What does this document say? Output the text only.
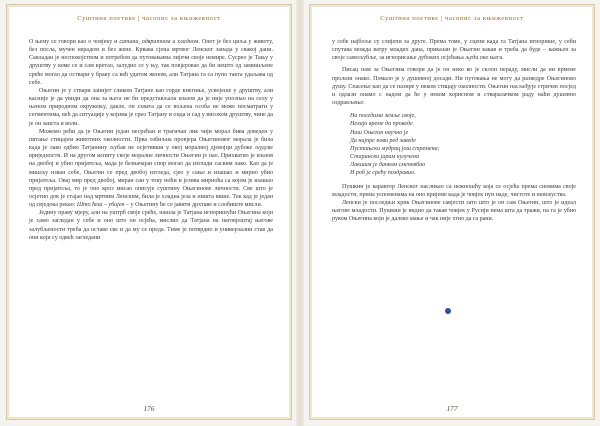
Суштина поетике | часопис за књижевност

О њему се говори као о човјеку и сатани, одвратном и хладном. Опет је без циља у животу, без посла, мучен нерадом и без жене. Крвава сјена мртвог Ленског запада у свакој дани. Савладан је неспокојством и потребом да путовањима лијечи своје немире. Сусрео је Тању у друштву у коме се и сам кретао, залудно се у њу, так повјеровао да би нешто од замишљене среће могао да оствари у браку са већ удатом женом, али Татјана га са пуно такта удаљава од себе.

Оњегин је у ствари занијет сликом Татјане као горде кнегиње, усвојеше у друштву, али касније је да увиди да она за њега не би представљала изазов да је није упознао на селу у њеном природном окружењу, дакле, он схвата да се вољена особа не може посматрати у сегментима, већ да ситуације у којима је срео Татјану и онда и сад у високом друштву, чине да је он заиста и воли.

Можемо рећи да је Оњегин један несрећан и трагичан лик чији морал бива доведен у питање стицајем животних околности. Прва озбиљна провјера Оњегиновог морала је била када је лако одбио Татјанину љубав не осјетивши у овој моралној дјевојци дубоке људске вриједности. И на другом испиту своје моралне личности Оњегин је пао. Прихватио је изазов на двобој и убио пријатеља, мада је безначајан спор могао да изглади сасвим лако. Као да је мишљу изван себе, Оњегин се пред двобој изгледа, сјео у сање и изашао и мирно убио пријатеља. Овај мир пред двобој, миран сан у току ноћи и језива мирноћа са којом је изашао пред пријатеља, то је оно кроз мисао описује суштину Оњегинове личности. Све што је осјетио док је стајао над мртвим Ленским, била је хладна језа и ништа више. Тек кад је један од свједока рекао: Што ћеш – убијен – у Оњегину ће се јавити дрхтаве и слобиште мисли.

Једину праву мјеру, али на уштрб своје среће, нашла је Татјана игноришући Оњегина који је само загледан у себе и оно што он осјећа, мислио да Татјана на наговјештај његове залубљености треба да оставе све и да му се преда. Тиме је потврдио и универзални став да они који су одвећ загледани

176
Суштина поетике | часопис за књижевност

у себе најбоље су слијепи за друге. Према томе, у сцени када га Татјана игнорише, у себи спутава можда ватру младих дана, приказан је Оњегин какав и треба да буде – кажњен за своје самољубље, за игнорисање дубоких осјећања људи око њега.

Писац нам за Оњегина говори да је он неко ко је склон нераду, мисли да ни врмене пролази онако. Помало је у душевној досади. Ни путовања не могу да разведре Оњегиново душу. Спасење као да се назире у неком стицају околности. Оњегин насљеђује стричев посјед и одлази онамо с надом да ће у неком корисном и стваралачком раду наћи душевно оздрављење:

На поседима земље своје,
Нехајо време да проведе
Наш Оњегин научно је
Да најпре нови ред заведе
Пустињски мудрац још стремена;
Старински јарам кулучена
Лакшим је данком сменевбио
И роб је срећу поздравио.

Пушкин је карактер Ленског насликао са нежношћу која се осјећа према сновима своје младости, према успоменама на оно вријеме када је човјек пун наде, чистоте и неискуства.

Ленски је последњи крик Оњегинове савјести зато што је он сам Оњегин, што је идеал његове младости. Пушкин је видио да такав човјек у Русији нема шта да тражи, па га је убио руком Оњегина који је далеко мање и чак није хтио да га рани.

177
